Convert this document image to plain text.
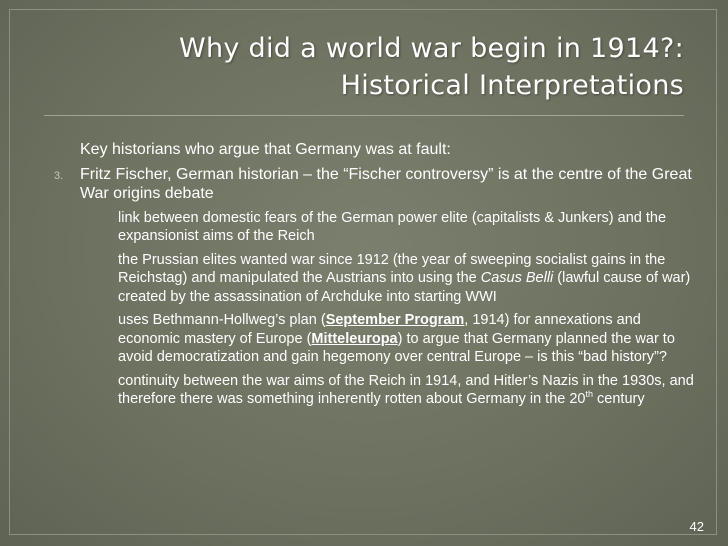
Why did a world war begin in 1914?:
Historical Interpretations
Key historians who argue that Germany was at fault:
3. Fritz Fischer, German historian – the “Fischer controversy” is at the centre of the Great War origins debate
link between domestic fears of the German power elite (capitalists & Junkers) and the expansionist aims of the Reich
the Prussian elites wanted war since 1912 (the year of sweeping socialist gains in the Reichstag) and manipulated the Austrians into using the Casus Belli (lawful cause of war) created by the assassination of Archduke into starting WWI
uses Bethmann-Hollweg’s plan (September Program, 1914) for annexations and economic mastery of Europe (Mitteleuropa) to argue that Germany planned the war to avoid democratization and gain hegemony over central Europe – is this “bad history”?
continuity between the war aims of the Reich in 1914, and Hitler’s Nazis in the 1930s, and therefore there was something inherently rotten about Germany in the 20th century
42
